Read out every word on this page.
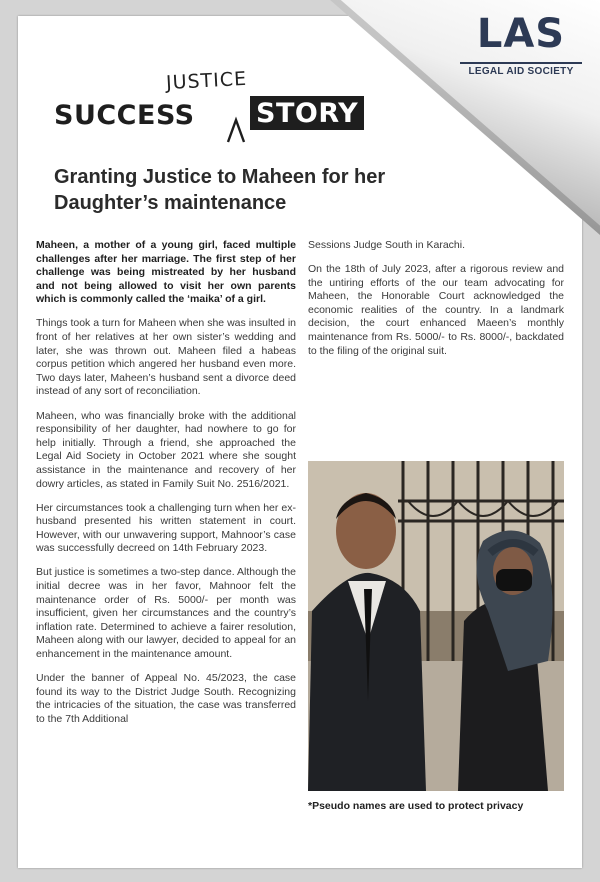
JUSTICE
SUCCESS STORY
Granting Justice to Maheen for her Daughter’s maintenance

Maheen, a mother of a young girl, faced multiple challenges after her marriage. The first step of her challenge was being mistreated by her husband and not being allowed to visit her own parents which is commonly called the ‘maika’ of a girl.

Things took a turn for Maheen when she was insulted in front of her relatives at her own sister’s wedding and later, she was thrown out. Maheen filed a habeas corpus petition which angered her husband even more. Two days later, Maheen’s husband sent a divorce deed instead of any sort of reconciliation.

Maheen, who was financially broke with the additional responsibility of her daughter, had nowhere to go for help initially. Through a friend, she approached the Legal Aid Society in October 2021 where she sought assistance in the maintenance and recovery of her dowry articles, as stated in Family Suit No. 2516/2021.

Her circumstances took a challenging turn when her ex-husband presented his written statement in court. However, with our unwavering support, Mahnoor’s case was successfully decreed on 14th February 2023.

But justice is sometimes a two-step dance. Although the initial decree was in her favor, Mahnoor felt the maintenance order of Rs. 5000/- per month was insufficient, given her circumstances and the country’s inflation rate. Determined to achieve a fairer resolution, Maheen along with our lawyer, decided to appeal for an enhancement in the maintenance amount.

Under the banner of Appeal No. 45/2023, the case found its way to the District Judge South. Recognizing the intricacies of the situation, the case was transferred to the 7th Additional

Sessions Judge South in Karachi.

On the 18th of July 2023, after a rigorous review and the untiring efforts of the our team advocating for Maheen, the Honorable Court acknowledged the economic realities of the country. In a landmark decision, the court enhanced Maeen’s monthly maintenance from Rs. 5000/- to Rs. 8000/-, backdated to the filing of the original suit.

*Pseudo names are used to protect privacy
LAS
LEGAL AID SOCIETY
